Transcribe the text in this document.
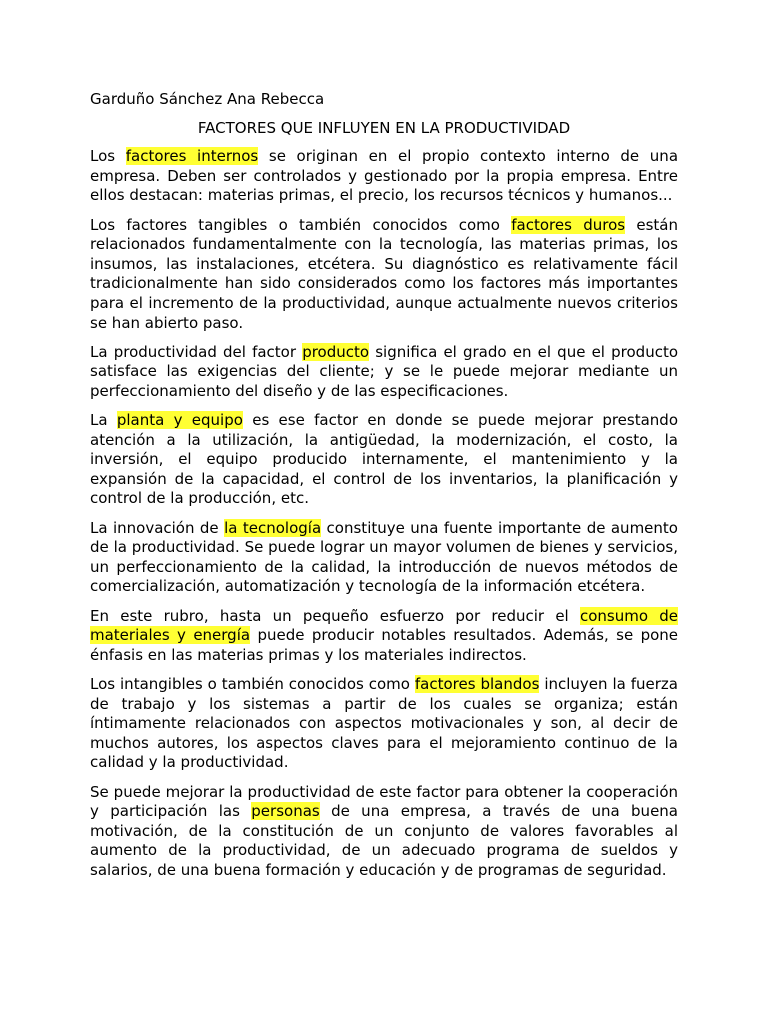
Garduño Sánchez Ana Rebecca

FACTORES QUE INFLUYEN EN LA PRODUCTIVIDAD

Los factores internos se originan en el propio contexto interno de una empresa. Deben ser controlados y gestionado por la propia empresa. Entre ellos destacan: materias primas, el precio, los recursos técnicos y humanos...

Los factores tangibles o también conocidos como factores duros están relacionados fundamentalmente con la tecnología, las materias primas, los insumos, las instalaciones, etcétera. Su diagnóstico es relativamente fácil tradicionalmente han sido considerados como los factores más importantes para el incremento de la productividad, aunque actualmente nuevos criterios se han abierto paso.

La productividad del factor producto significa el grado en el que el producto satisface las exigencias del cliente; y se le puede mejorar mediante un perfeccionamiento del diseño y de las especificaciones.

La planta y equipo es ese factor en donde se puede mejorar prestando atención a la utilización, la antigüedad, la modernización, el costo, la inversión, el equipo producido internamente, el mantenimiento y la expansión de la capacidad, el control de los inventarios, la planificación y control de la producción, etc.

La innovación de la tecnología constituye una fuente importante de aumento de la productividad. Se puede lograr un mayor volumen de bienes y servicios, un perfeccionamiento de la calidad, la introducción de nuevos métodos de comercialización, automatización y tecnología de la información etcétera.

En este rubro, hasta un pequeño esfuerzo por reducir el consumo de materiales y energía puede producir notables resultados. Además, se pone énfasis en las materias primas y los materiales indirectos.

Los intangibles o también conocidos como factores blandos incluyen la fuerza de trabajo y los sistemas a partir de los cuales se organiza; están íntimamente relacionados con aspectos motivacionales y son, al decir de muchos autores, los aspectos claves para el mejoramiento continuo de la calidad y la productividad.

Se puede mejorar la productividad de este factor para obtener la cooperación y participación las personas de una empresa, a través de una buena motivación, de la constitución de un conjunto de valores favorables al aumento de la productividad, de un adecuado programa de sueldos y salarios, de una buena formación y educación y de programas de seguridad.
